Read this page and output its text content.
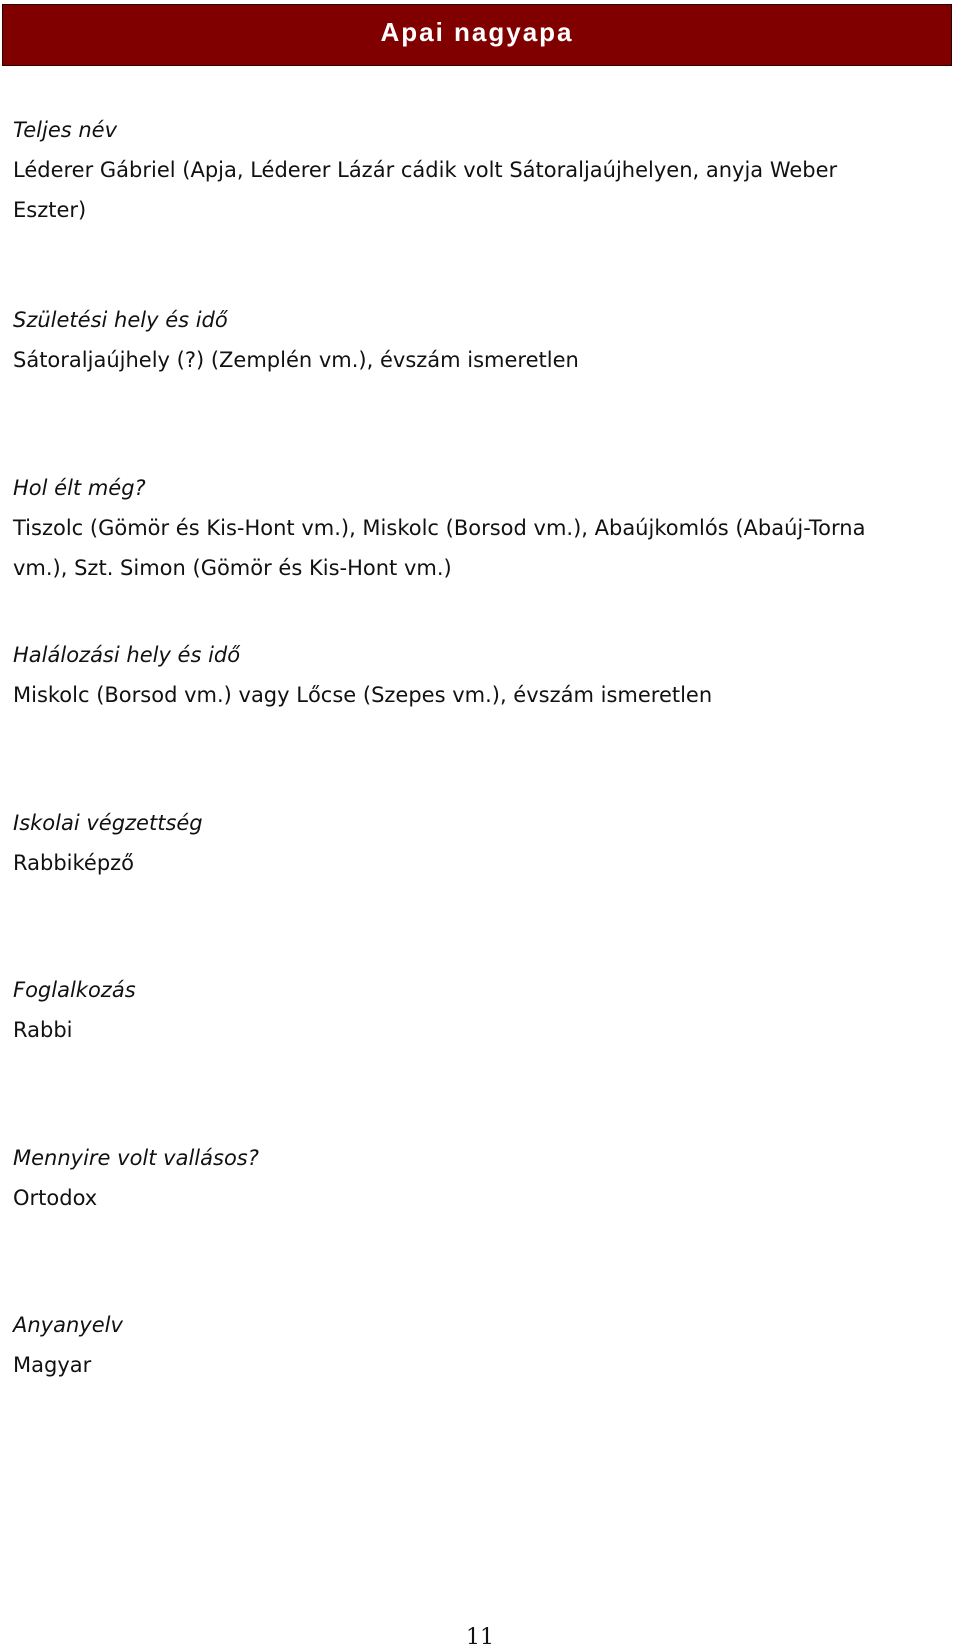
Apai nagyapa
Teljes név
Léderer Gábriel (Apja, Léderer Lázár cádik volt Sátoraljaújhelyen, anyja Weber Eszter)
Születési hely és idő
Sátoraljaújhely (?) (Zemplén vm.), évszám ismeretlen
Hol élt még?
Tiszolc (Gömör és Kis-Hont vm.), Miskolc (Borsod vm.), Abaújkomlós (Abaúj-Torna vm.), Szt. Simon (Gömör és Kis-Hont vm.)
Halálozási hely és idő
Miskolc (Borsod vm.) vagy Lőcse (Szepes vm.), évszám ismeretlen
Iskolai végzettség
Rabbiképző
Foglalkozás
Rabbi
Mennyire volt vallásos?
Ortodox
Anyanyelv
Magyar
11
